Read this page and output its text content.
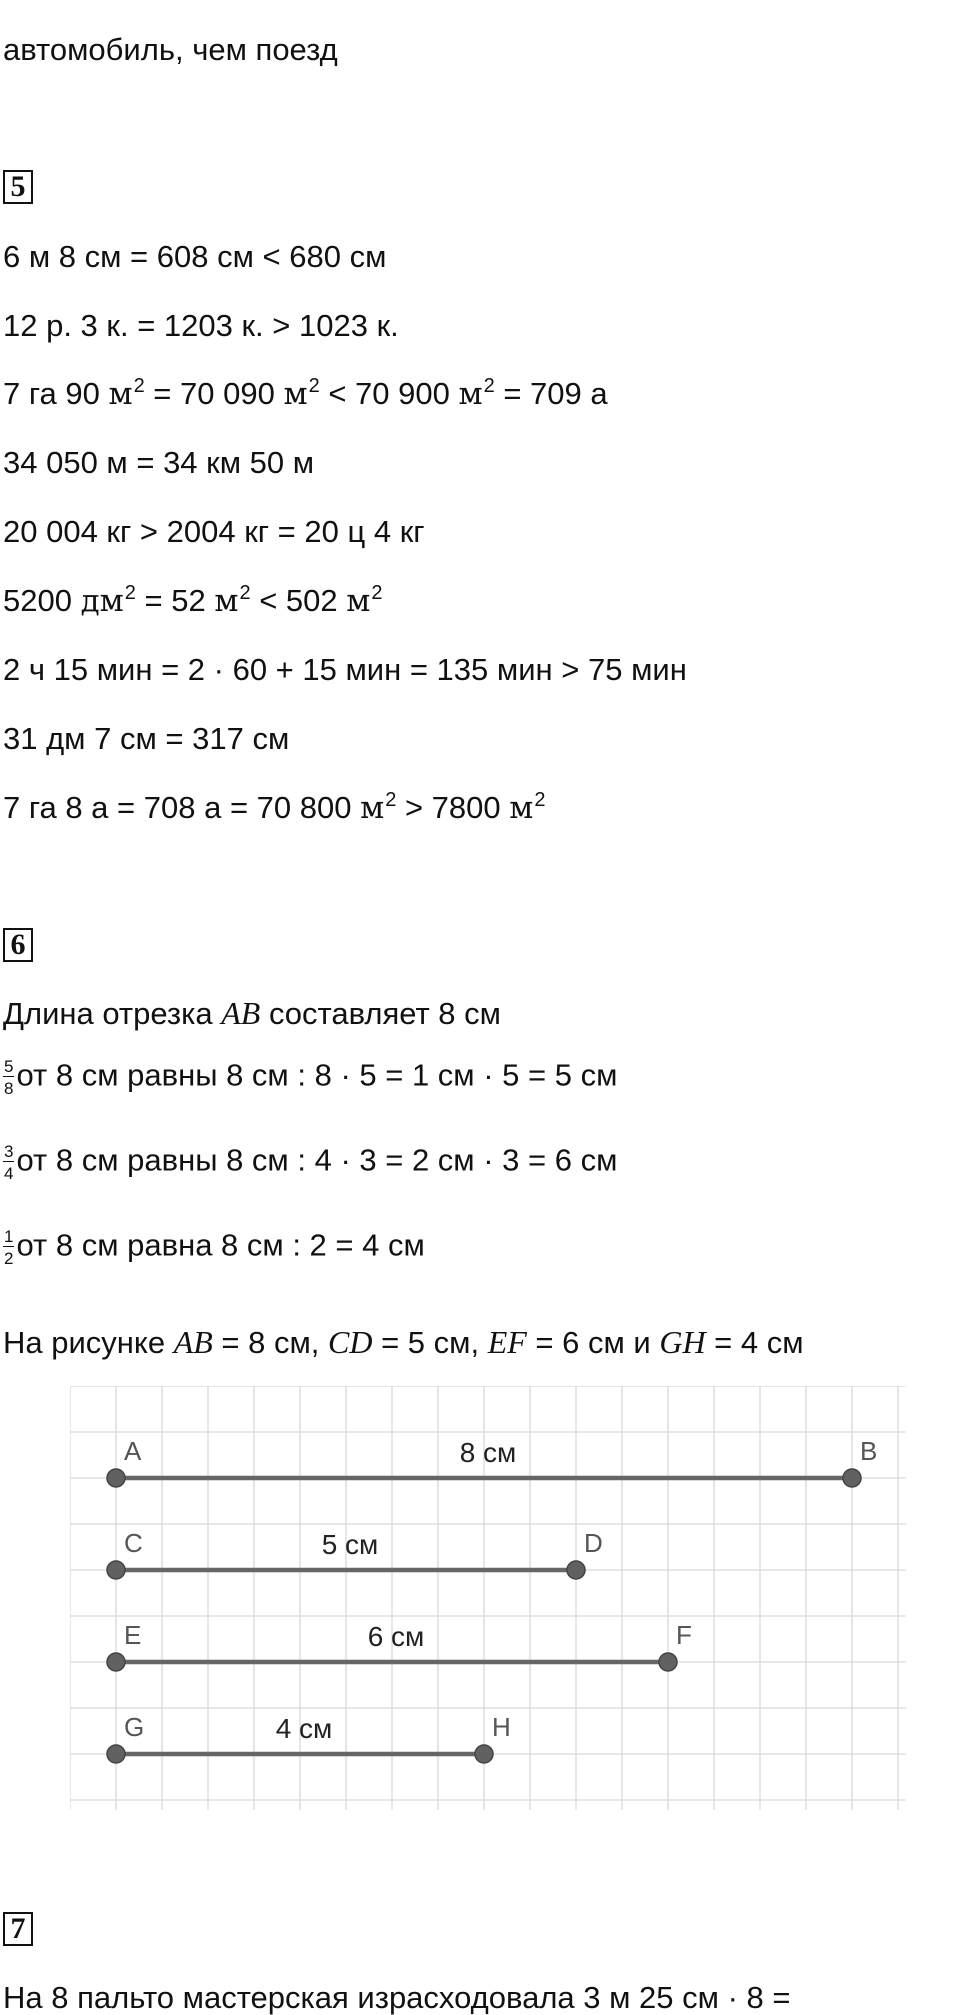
автомобиль, чем поезд
5
6 м 8 см = 608 см < 680 см
12 р. 3 к. = 1203 к. > 1023 к.
7 га 90 $м^2 = 70$ 090 $м^2 < 70$ 900 $м^2 = 709$ а
34 050 м = 34 км 50 м
20 004 кг > 2004 кг = 20 ц 4 кг
5200 $дм^2 = 52$ $м^2 < 502$ $м^2$
2 ч 15 мин = 2 · 60 + 15 мин = 135 мин > 75 мин
31 дм 7 см = 317 см
7 га 8 а = 708 а = 70 800 $м^2 > 7800$ $м^2$
6
Длина отрезка AB составляет 8 см
$\frac{5}{8}$ от 8 см равны 8 см : 8 · 5 = 1 см · 5 = 5 см
$\frac{3}{4}$ от 8 см равны 8 см : 4 · 3 = 2 см · 3 = 6 см
$\frac{1}{2}$ от 8 см равна 8 см : 2 = 4 см
На рисунке AB = 8 см, CD = 5 см, EF = 6 см и GH = 4 см
A	B
8 см
C	D
5 см
E	F
6 см
G	H
4 см
7
На 8 пальто мастерская израсходовала 3 м 25 см · 8 =
